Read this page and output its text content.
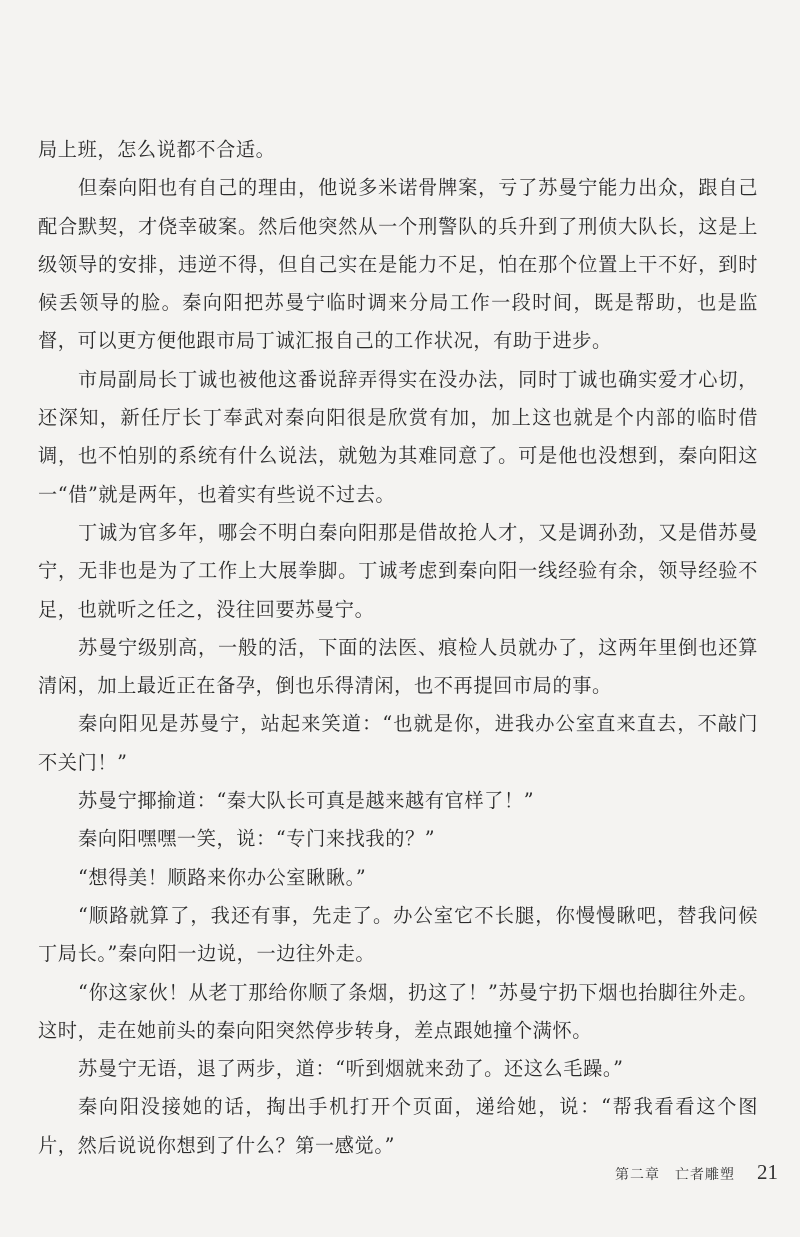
局上班，怎么说都不合适。

但秦向阳也有自己的理由，他说多米诺骨牌案，亏了苏曼宁能力出众，跟自己配合默契，才侥幸破案。然后他突然从一个刑警队的兵升到了刑侦大队长，这是上级领导的安排，违逆不得，但自己实在是能力不足，怕在那个位置上干不好，到时候丢领导的脸。秦向阳把苏曼宁临时调来分局工作一段时间，既是帮助，也是监督，可以更方便他跟市局丁诚汇报自己的工作状况，有助于进步。

市局副局长丁诚也被他这番说辞弄得实在没办法，同时丁诚也确实爱才心切，还深知，新任厅长丁奉武对秦向阳很是欣赏有加，加上这也就是个内部的临时借调，也不怕别的系统有什么说法，就勉为其难同意了。可是他也没想到，秦向阳这一“借”就是两年，也着实有些说不过去。

丁诚为官多年，哪会不明白秦向阳那是借故抢人才，又是调孙劲，又是借苏曼宁，无非也是为了工作上大展拳脚。丁诚考虑到秦向阳一线经验有余，领导经验不足，也就听之任之，没往回要苏曼宁。

苏曼宁级别高，一般的活，下面的法医、痕检人员就办了，这两年里倒也还算清闲，加上最近正在备孕，倒也乐得清闲，也不再提回市局的事。

秦向阳见是苏曼宁，站起来笑道：“也就是你，进我办公室直来直去，不敲门不关门！”

苏曼宁揶揄道：“秦大队长可真是越来越有官样了！”

秦向阳嘿嘿一笑，说：“专门来找我的？”

“想得美！顺路来你办公室瞅瞅。”

“顺路就算了，我还有事，先走了。办公室它不长腿，你慢慢瞅吧，替我问候丁局长。”秦向阳一边说，一边往外走。

“你这家伙！从老丁那给你顺了条烟，扔这了！”苏曼宁扔下烟也抬脚往外走。这时，走在她前头的秦向阳突然停步转身，差点跟她撞个满怀。

苏曼宁无语，退了两步，道：“听到烟就来劲了。还这么毛躁。”

秦向阳没接她的话，掏出手机打开个页面，递给她，说：“帮我看看这个图片，然后说说你想到了什么？第一感觉。”

第二章　亡者雕塑 21
